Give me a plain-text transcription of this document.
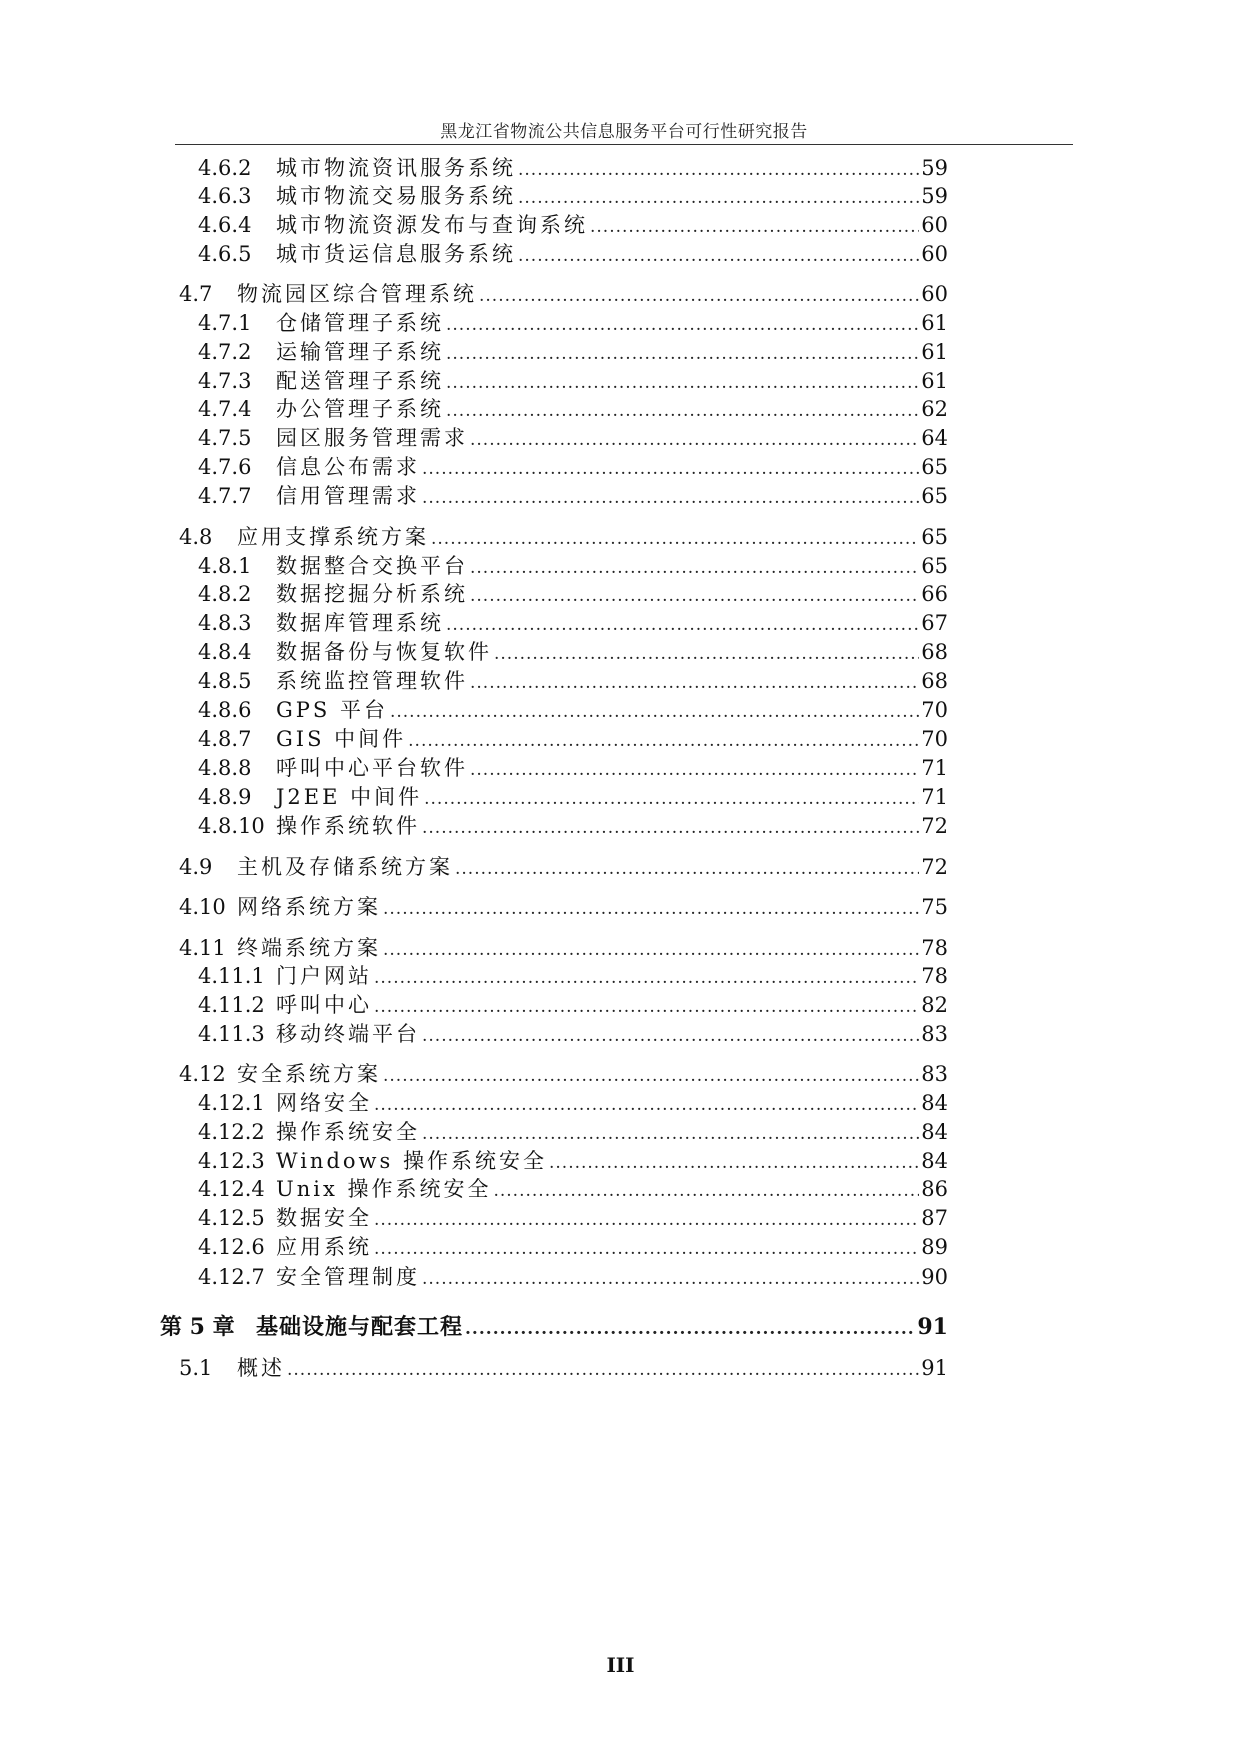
黑龙江省物流公共信息服务平台可行性研究报告
4.6.2	城市物流资讯服务系统 .....	59
4.6.3	城市物流交易服务系统 .....	59
4.6.4	城市物流资源发布与查询系统 .....	60
4.6.5	城市货运信息服务系统 .....	60
4.7	物流园区综合管理系统 .....	60
4.7.1	仓储管理子系统 .....	61
4.7.2	运输管理子系统 .....	61
4.7.3	配送管理子系统 .....	61
4.7.4	办公管理子系统 .....	62
4.7.5	园区服务管理需求 .....	64
4.7.6	信息公布需求 .....	65
4.7.7	信用管理需求 .....	65
4.8	应用支撑系统方案 .....	65
4.8.1	数据整合交换平台 .....	65
4.8.2	数据挖掘分析系统 .....	66
4.8.3	数据库管理系统 .....	67
4.8.4	数据备份与恢复软件 .....	68
4.8.5	系统监控管理软件 .....	68
4.8.6	GPS 平台 .....	70
4.8.7	GIS 中间件 .....	70
4.8.8	呼叫中心平台软件 .....	71
4.8.9	J2EE 中间件 .....	71
4.8.10 操作系统软件 .....	72
4.9	主机及存储系统方案 .....	72
4.10 网络系统方案 .....	75
4.11 终端系统方案 .....	78
4.11.1 门户网站 .....	78
4.11.2 呼叫中心 .....	82
4.11.3 移动终端平台 .....	83
4.12 安全系统方案 .....	83
4.12.1 网络安全 .....	84
4.12.2 操作系统安全 .....	84
4.12.3 Windows 操作系统安全 .....	84
4.12.4 Unix 操作系统安全 .....	86
4.12.5 数据安全 .....	87
4.12.6 应用系统 .....	89
4.12.7 安全管理制度 .....	90
第 5 章 基础设施与配套工程 .....	91
5.1	概述 .....	91
III
